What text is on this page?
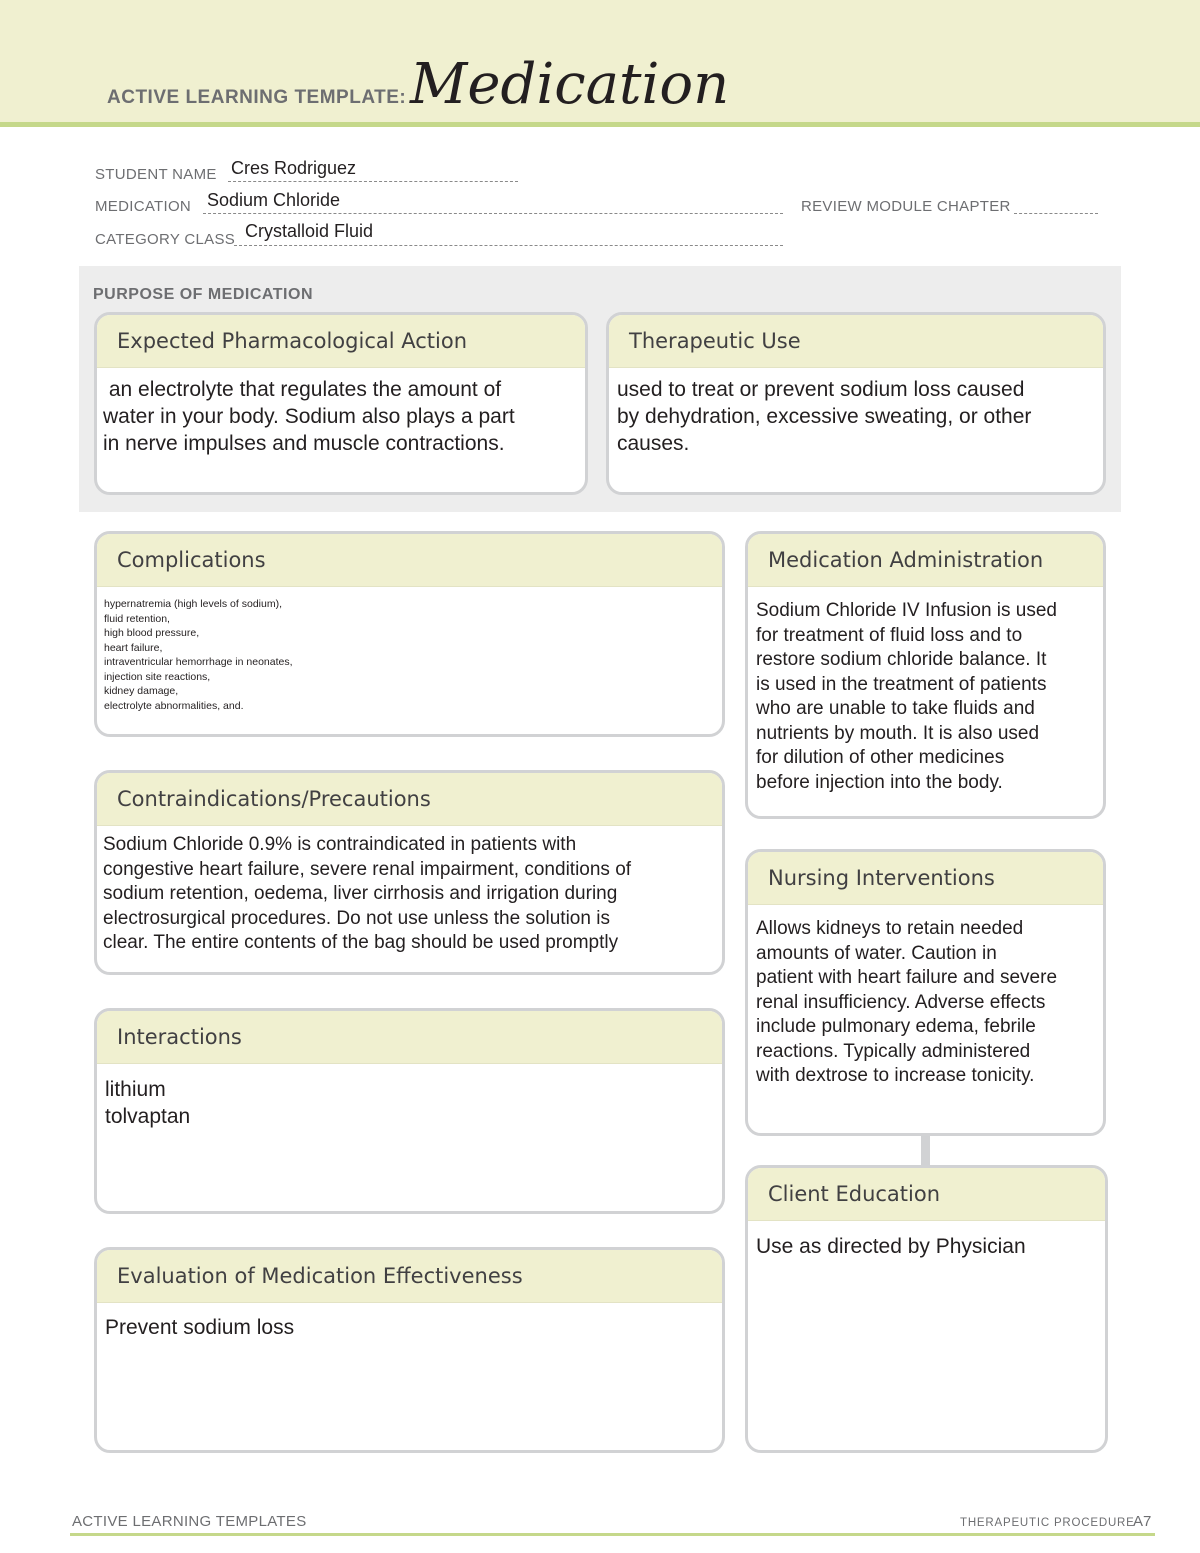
ACTIVE LEARNING TEMPLATE: Medication
STUDENT NAME Cres Rodriguez
MEDICATION Sodium Chloride	REVIEW MODULE CHAPTER
CATEGORY CLASS Crystalloid Fluid
PURPOSE OF MEDICATION
Expected Pharmacological Action
an electrolyte that regulates the amount of
water in your body. Sodium also plays a part
in nerve impulses and muscle contractions.
Therapeutic Use
used to treat or prevent sodium loss caused
by dehydration, excessive sweating, or other
causes.
Complications
hypernatremia (high levels of sodium),
fluid retention,
high blood pressure,
heart failure,
intraventricular hemorrhage in neonates,
injection site reactions,
kidney damage,
electrolyte abnormalities, and.
Medication Administration
Sodium Chloride IV Infusion is used
for treatment of fluid loss and to
restore sodium chloride balance. It
is used in the treatment of patients
who are unable to take fluids and
nutrients by mouth. It is also used
for dilution of other medicines
before injection into the body.
Contraindications/Precautions
Sodium Chloride 0.9% is contraindicated in patients with
congestive heart failure, severe renal impairment, conditions of
sodium retention, oedema, liver cirrhosis and irrigation during
electrosurgical procedures. Do not use unless the solution is
clear. The entire contents of the bag should be used promptly
Nursing Interventions
Allows kidneys to retain needed
amounts of water. Caution in
patient with heart failure and severe
renal insufficiency. Adverse effects
include pulmonary edema, febrile
reactions. Typically administered
with dextrose to increase tonicity.
Interactions
lithium
tolvaptan
Client Education
Use as directed by Physician
Evaluation of Medication Effectiveness
Prevent sodium loss
ACTIVE LEARNING TEMPLATES	THERAPEUTIC PROCEDURE
A7
